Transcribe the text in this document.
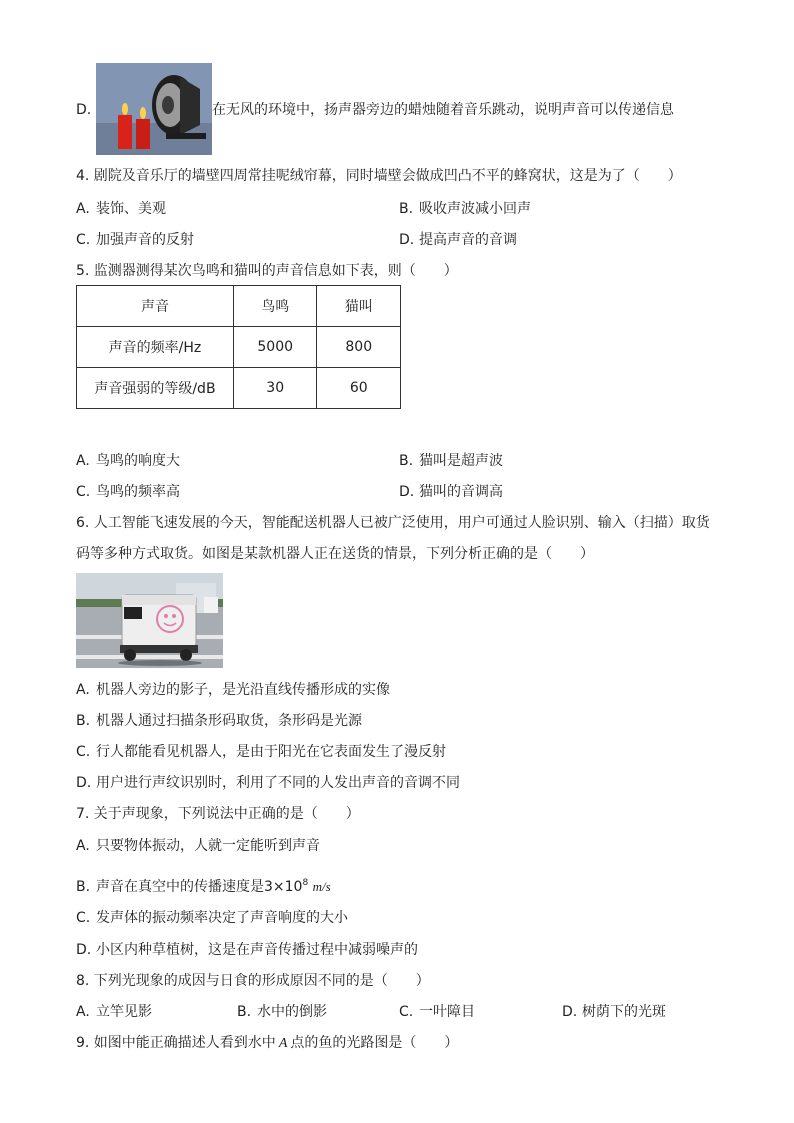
D.	在无风的环境中，扬声器旁边的蜡烛随着音乐跳动，说明声音可以传递信息
4. 剧院及音乐厅的墙壁四周常挂呢绒帘幕，同时墙壁会做成凹凸不平的蜂窝状，这是为了（　　）
A. 装饰、美观	B. 吸收声波减小回声
C. 加强声音的反射	D. 提高声音的音调
5. 监测器测得某次鸟鸣和猫叫的声音信息如下表，则（　　）
声音	鸟鸣	猫叫
声音的频率/Hz	5000	800
声音强弱的等级/dB	30	60
A. 鸟鸣的响度大	B. 猫叫是超声波
C. 鸟鸣的频率高	D. 猫叫的音调高
6. 人工智能飞速发展的今天，智能配送机器人已被广泛使用，用户可通过人脸识别、输入（扫描）取货
码等多种方式取货。如图是某款机器人正在送货的情景，下列分析正确的是（　　）
A. 机器人旁边的影子，是光沿直线传播形成的实像
B. 机器人通过扫描条形码取货，条形码是光源
C. 行人都能看见机器人，是由于阳光在它表面发生了漫反射
D. 用户进行声纹识别时，利用了不同的人发出声音的音调不同
7. 关于声现象，下列说法中正确的是（　　）
A. 只要物体振动，人就一定能听到声音
B. 声音在真空中的传播速度是$3\times 10^8$ m/s
C. 发声体的振动频率决定了声音响度的大小
D. 小区内种草植树，这是在声音传播过程中减弱噪声的
8. 下列光现象的成因与日食的形成原因不同的是（　　）
A. 立竿见影	B. 水中的倒影	C. 一叶障目	D. 树荫下的光斑
9. 如图中能正确描述人看到水中 A 点的鱼的光路图是（　　）
